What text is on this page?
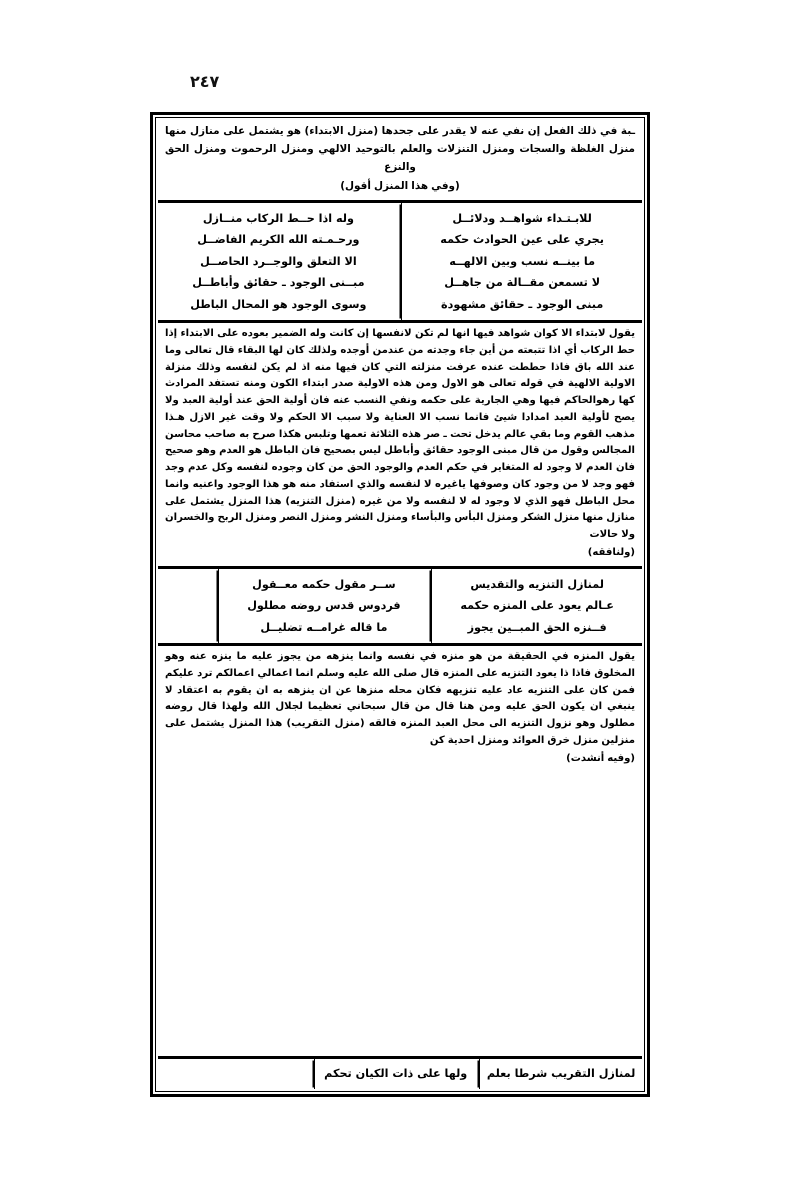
٢٤٧
ـبة في ذلك الفعل إن نفي عنه لا يقدر على جحدها (منزل الابتداء) هو يشتمل على منازل منها منزل الغلظة والسجات ومنزل التنزلات والعلم بالتوحيد الالهي ومنزل الرحموت ومنزل الحق والنزع
(وفي هذا المنزل أقول)
للابـتـداء شواهــد ودلائــل
يجري على عين الحوادث حكمه
ما بينــه نسب وبين الالهــه
لا تسمعن مقــالة من جاهــل
مبنى الوجود ـ حقائق مشهودة
وله اذا حــط الركاب منــازل
ورحـمـته الله الكريم الفاضــل
الا التعلق والوجــرد الحاصــل
مبــنى الوجود ـ حقائق وأباطــل
وسوى الوجود هو المحال الباطل
يقول لابتداء الا كوان شواهد فيها انها لم تكن لانفسها إن كانت وله الضمير بعوده على الابتداء إذا حط الركاب أي اذا تتبعته من أين جاء وجدته من عندمن أوجده ولذلك كان لها البقاء قال تعالى وما عند الله باق فاذا حططت عنده عرفت منزلته التي كان فيها منه اذ لم يكن لنفسه وذلك منزلة الاولية الالهية في قوله تعالى هو الاول ومن هذه الاولية صدر ابتداء الكون ومنه تستفد المرادث كها رهوالحاكم فيها وهي الجارية على حكمه ونفي النسب عنه فان أولية الحق عند أولية العبد ولا يصح لأولية العبد امدادا شيئ فانما نسب الا العناية ولا سبب الا الحكم ولا وقت غير الازل هـذا مذهب القوم وما بقي عالم يدخل تحت ـ صر هذه الثلاثة تعمها وتلبس هكذا صرح به صاحب محاسن المجالس وقول من قال مبنى الوجود حقائق وأباطل ليس بصحيح فان الباطل هو العدم وهو صحيح فان العدم لا وجود له المتغاير في حكم العدم والوجود الحق من كان وجوده لنفسه وكل عدم وجد فهو وجد لا من وجود كان وصوفها ياغيره لا لنفسه والذي استفاد منه هو هذا الوجود واعنيه وانما محل الباطل فهو الذي لا وجود له لا لنفسه ولا من غيره (منزل التنزيه) هذا المنزل يشتمل على منازل منها منزل الشكر ومنزل البأس والبأساء ومنزل النشر ومنزل النصر ومنزل الربح والخسران ولا حالات
(ولنافقه)
لمنازل التنزيه والتقديس
عـالم يعود على المنزه حكمه
فــنزه الحق المبــين يجوز
ســر مقول حكمه معــقول
فردوس قدس روضه مطلول
ما قاله غرامــه تضليــل
يقول المنزه في الحقيقة من هو منزه في نفسه وانما ينزهه من يجوز عليه ما ينزه عنه وهو المخلوق فاذا ذا يعود التنزيه على المنزه قال صلى الله عليه وسلم انما اعمالي اعمالكم ترد عليكم فمن كان على التنزيه عاد عليه تنزيهه فكان محله منزها عن ان ينزهه به ان يقوم به اعتقاد لا ينبغي ان يكون الحق عليه ومن هنا قال من قال سبحاني تعظيما لجلال الله ولهذا قال روضه مطلول وهو نزول التنزيه الى محل العبد المنزه فالقه (منزل التقريب) هذا المنزل يشتمل على منزلين منزل خرق العوائد ومنزل احدية كن
(وفيه أنشدت)
لمنازل التقريب شرطا بعلم
ولها على ذات الكيان تحكم
